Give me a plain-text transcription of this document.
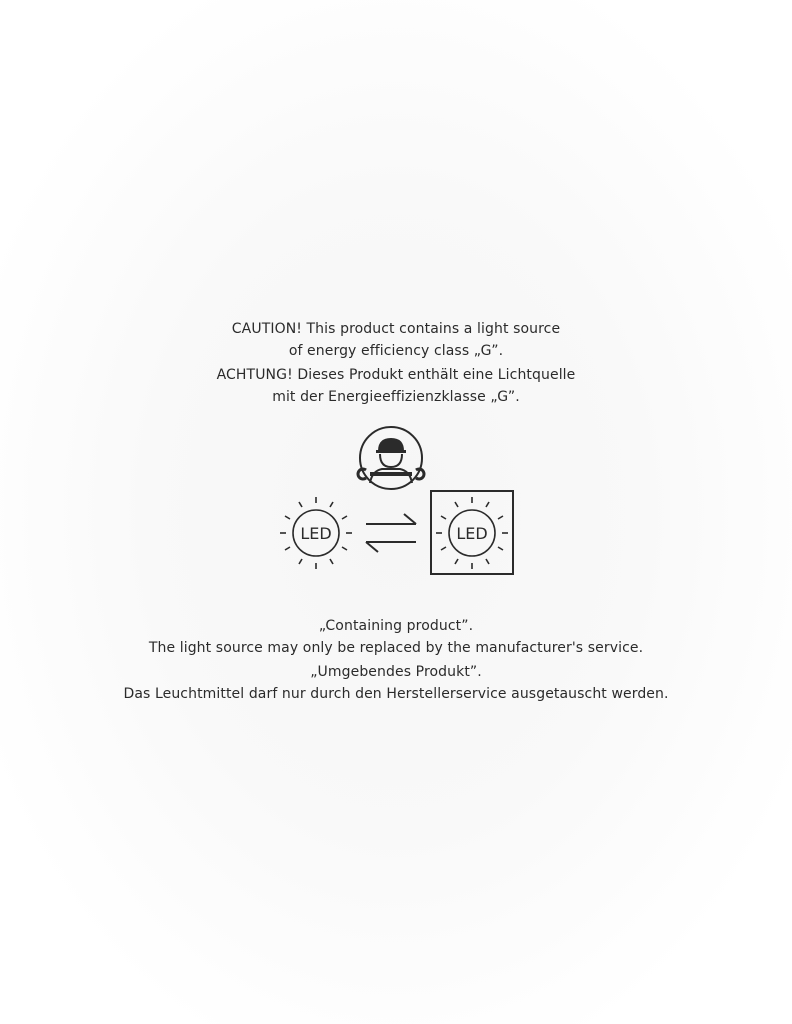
CAUTION! This product contains a light source

of energy efficiency class „G”.

ACHTUNG! Dieses Produkt enthält eine Lichtquelle

mit der Energieeffizienzklasse „G”.

LED	LED

„Containing product”.

The light source may only be replaced by the manufacturer's service.

„Umgebendes Produkt”.

Das Leuchtmittel darf nur durch den Herstellerservice ausgetauscht werden.
